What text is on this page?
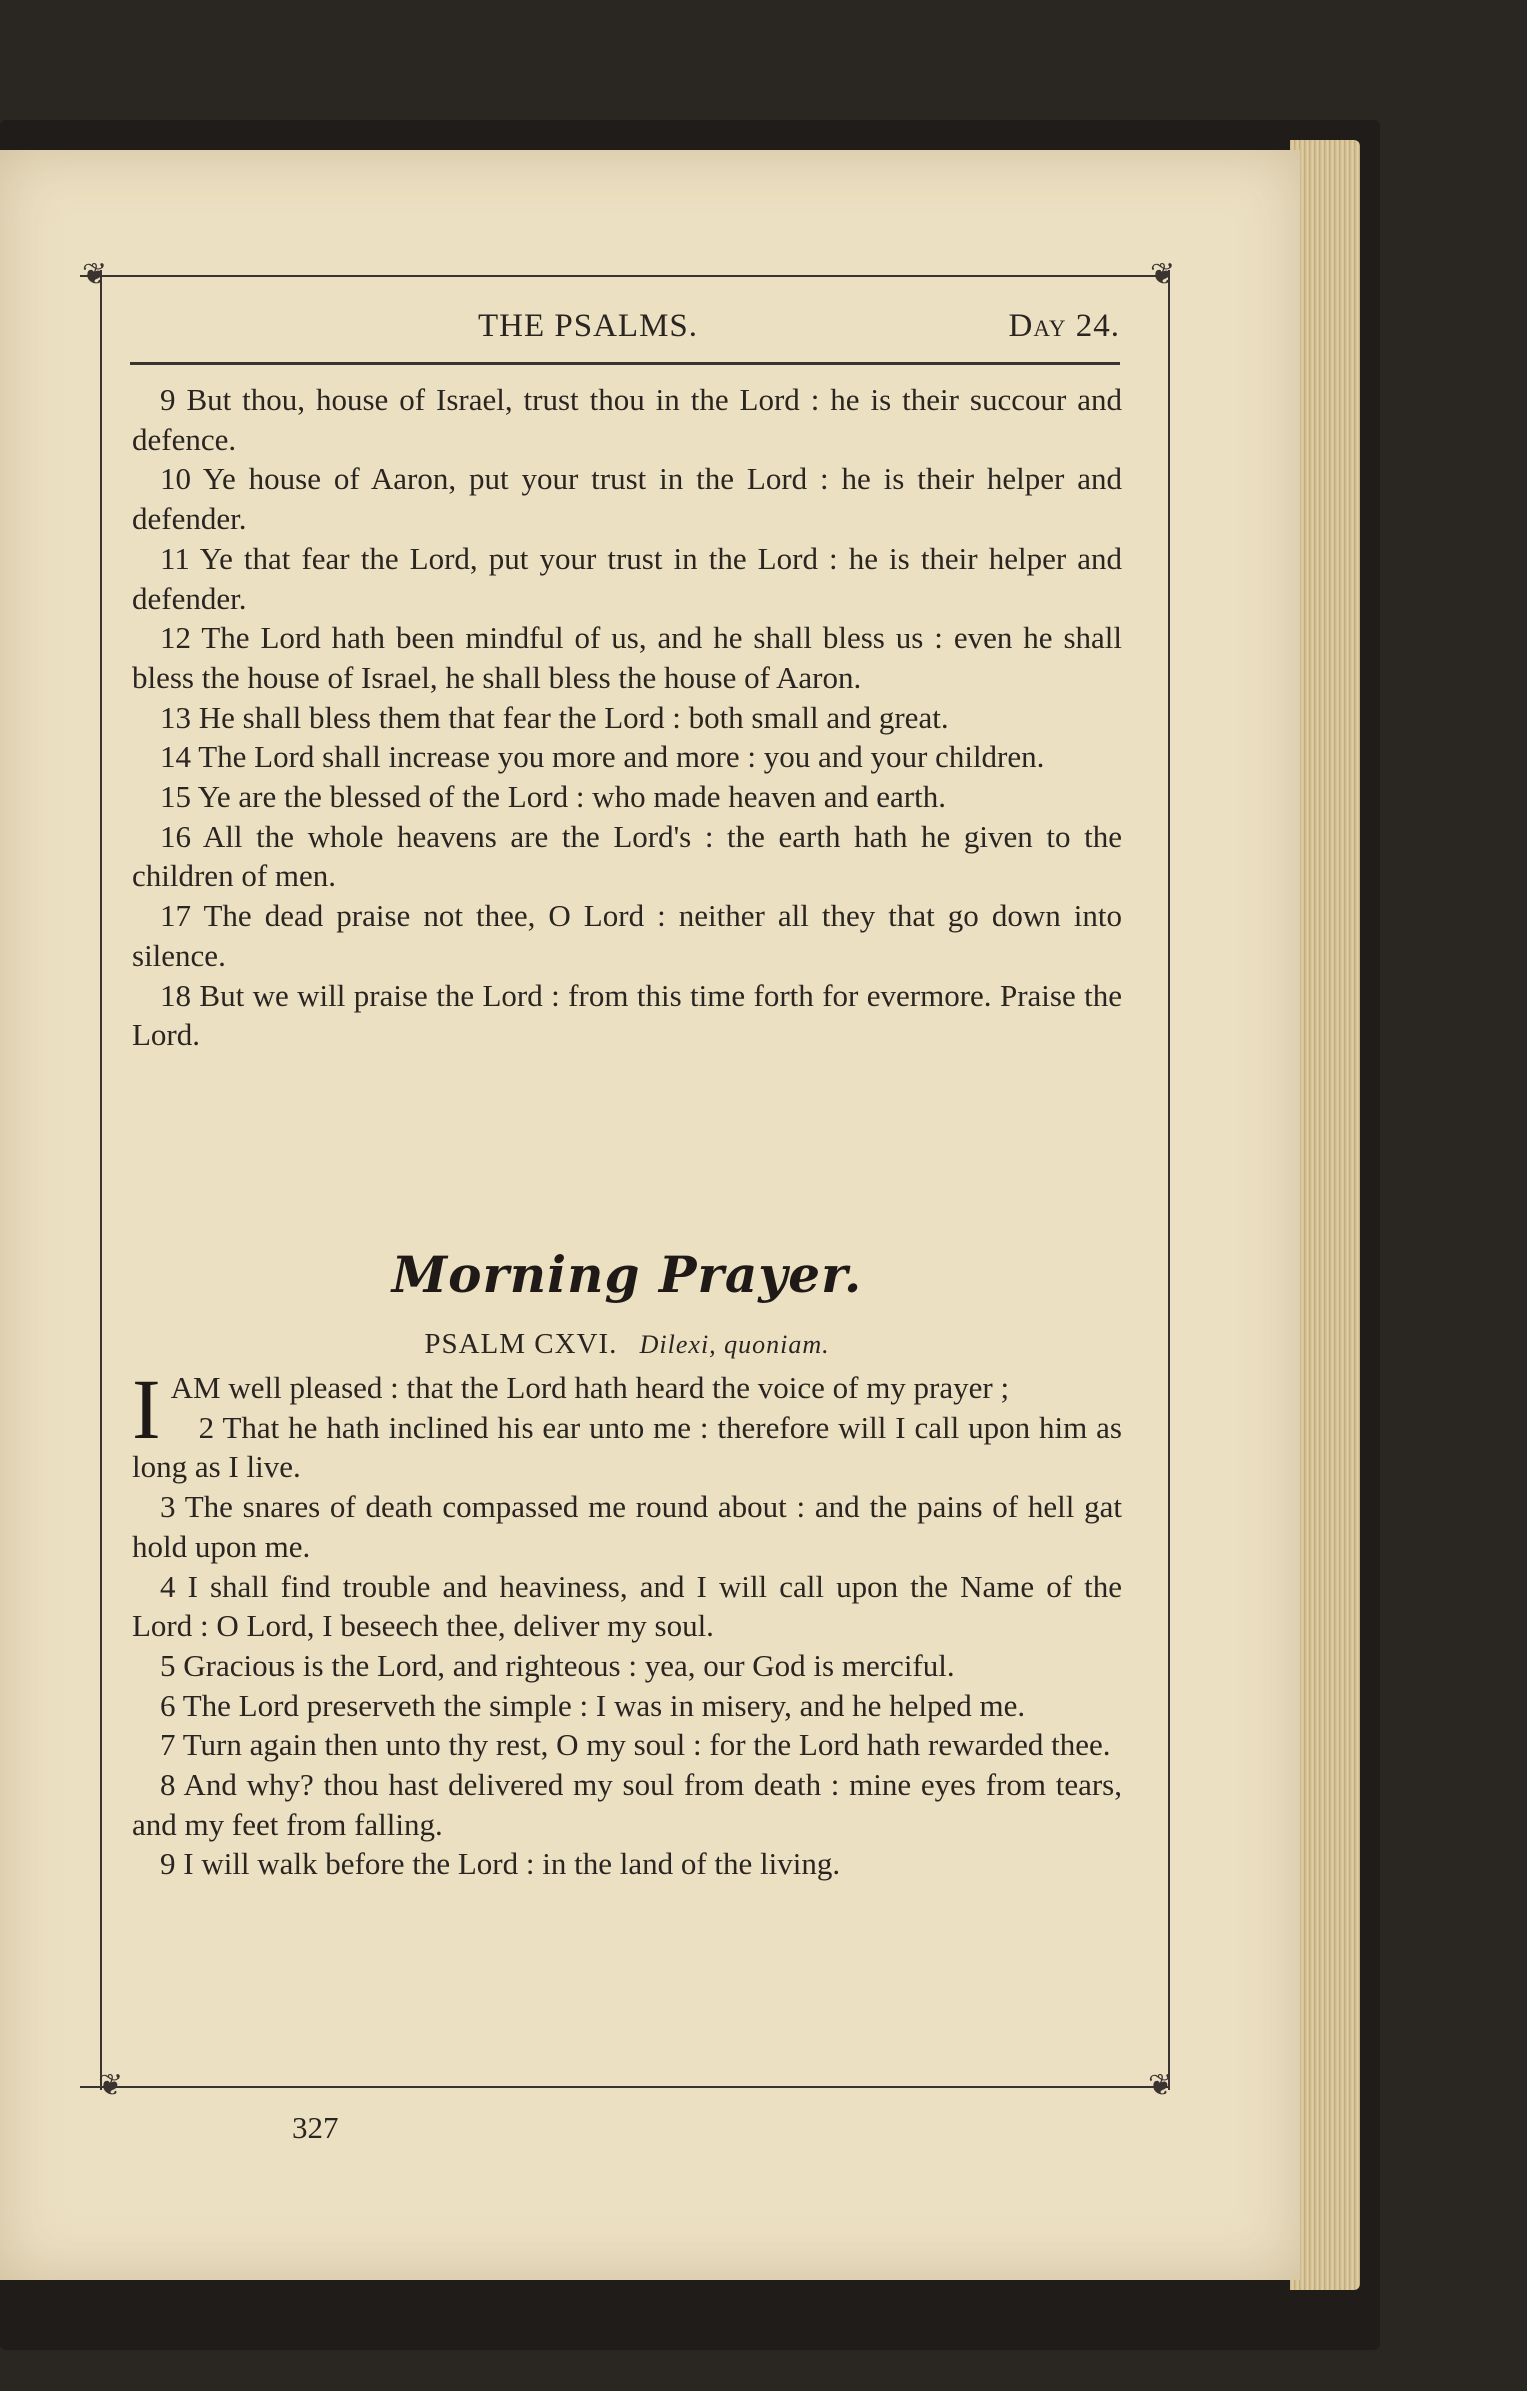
❦	❦
❦	❦
THE PSALMS.	Day 24.

9 But thou, house of Israel, trust thou in the Lord : he is their succour and defence.

10 Ye house of Aaron, put your trust in the Lord : he is their helper and defender.

11 Ye that fear the Lord, put your trust in the Lord : he is their helper and defender.

12 The Lord hath been mindful of us, and he shall bless us : even he shall bless the house of Israel, he shall bless the house of Aaron.

13 He shall bless them that fear the Lord : both small and great.

14 The Lord shall increase you more and more : you and your children.

15 Ye are the blessed of the Lord : who made heaven and earth.

16 All the whole heavens are the Lord's : the earth hath he given to the children of men.

17 The dead praise not thee, O Lord : neither all they that go down into silence.

18 But we will praise the Lord : from this time forth for evermore. Praise the Lord.

Morning Prayer.
PSALM CXVI. Dilexi, quoniam.

I AM well pleased : that the Lord hath heard the voice of my prayer ;

2 That he hath inclined his ear unto me : therefore will I call upon him as long as I live.

3 The snares of death compassed me round about : and the pains of hell gat hold upon me.

4 I shall find trouble and heaviness, and I will call upon the Name of the Lord : O Lord, I beseech thee, deliver my soul.

5 Gracious is the Lord, and righteous : yea, our God is merciful.

6 The Lord preserveth the simple : I was in misery, and he helped me.

7 Turn again then unto thy rest, O my soul : for the Lord hath rewarded thee.

8 And why? thou hast delivered my soul from death : mine eyes from tears, and my feet from falling.

9 I will walk before the Lord : in the land of the living.

327
